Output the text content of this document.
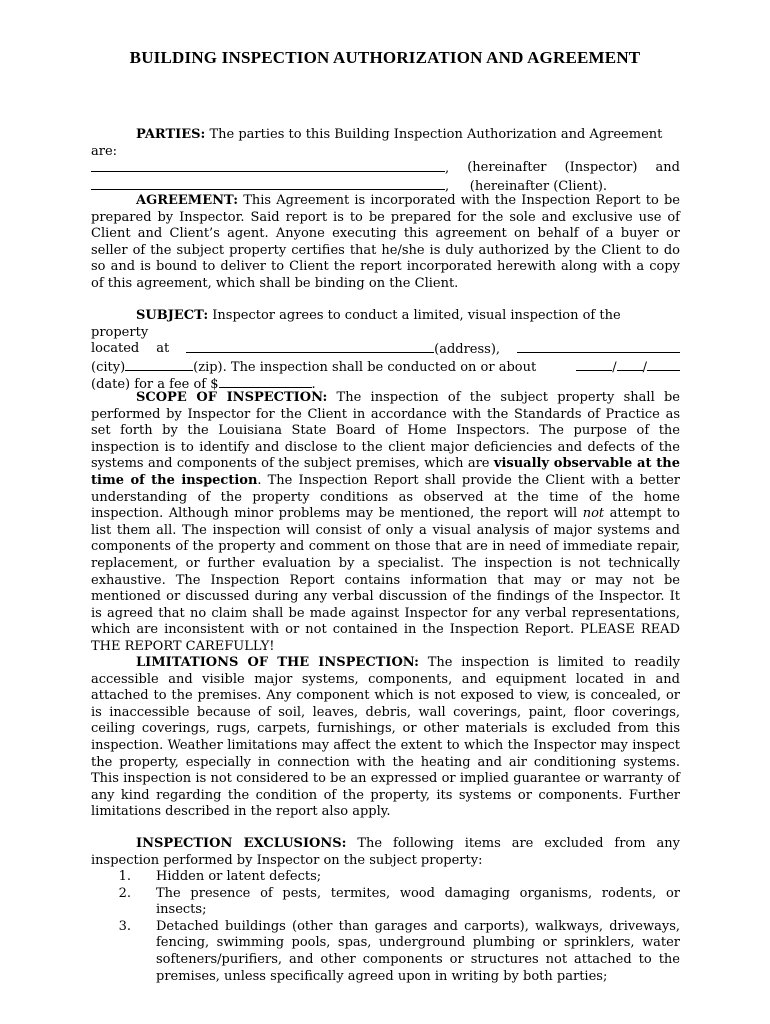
BUILDING INSPECTION AUTHORIZATION AND AGREEMENT
PARTIES: The parties to this Building Inspection Authorization and Agreement are:
, (hereinafter (Inspector) and
,     (hereinafter (Client).
AGREEMENT: This Agreement is incorporated with the Inspection Report to be prepared by Inspector. Said report is to be prepared for the sole and exclusive use of Client and Client’s agent. Anyone executing this agreement on behalf of a buyer or seller of the subject property certifies that he/she is duly authorized by the Client to do so and is bound to deliver to Client the report incorporated herewith along with a copy of this agreement, which shall be binding on the Client.
SUBJECT: Inspector agrees to conduct a limited, visual inspection of the property
located at	(address),
(city)	(zip). The inspection shall be conducted on or about	/ /
(date) for a fee of $	.
SCOPE OF INSPECTION: The inspection of the subject property shall be performed by Inspector for the Client in accordance with the Standards of Practice as set forth by the Louisiana State Board of Home Inspectors. The purpose of the inspection is to identify and disclose to the client major deficiencies and defects of the systems and components of the subject premises, which are visually observable at the time of the inspection. The Inspection Report shall provide the Client with a better understanding of the property conditions as observed at the time of the home inspection. Although minor problems may be mentioned, the report will not attempt to list them all. The inspection will consist of only a visual analysis of major systems and components of the property and comment on those that are in need of immediate repair, replacement, or further evaluation by a specialist. The inspection is not technically exhaustive. The Inspection Report contains information that may or may not be mentioned or discussed during any verbal discussion of the findings of the Inspector. It is agreed that no claim shall be made against Inspector for any verbal representations, which are inconsistent with or not contained in the Inspection Report. PLEASE READ THE REPORT CAREFULLY!
LIMITATIONS OF THE INSPECTION: The inspection is limited to readily accessible and visible major systems, components, and equipment located in and attached to the premises. Any component which is not exposed to view, is concealed, or is inaccessible because of soil, leaves, debris, wall coverings, paint, floor coverings, ceiling coverings, rugs, carpets, furnishings, or other materials is excluded from this inspection. Weather limitations may affect the extent to which the Inspector may inspect the property, especially in connection with the heating and air conditioning systems. This inspection is not considered to be an expressed or implied guarantee or warranty of any kind regarding the condition of the property, its systems or components. Further limitations described in the report also apply.
INSPECTION EXCLUSIONS: The following items are excluded from any inspection performed by Inspector on the subject property:
1.	Hidden or latent defects;
2.	The presence of pests, termites, wood damaging organisms, rodents, or insects;
3.	Detached buildings (other than garages and carports), walkways, driveways, fencing, swimming pools, spas, underground plumbing or sprinklers, water softeners/purifiers, and other components or structures not attached to the premises, unless specifically agreed upon in writing by both parties;
